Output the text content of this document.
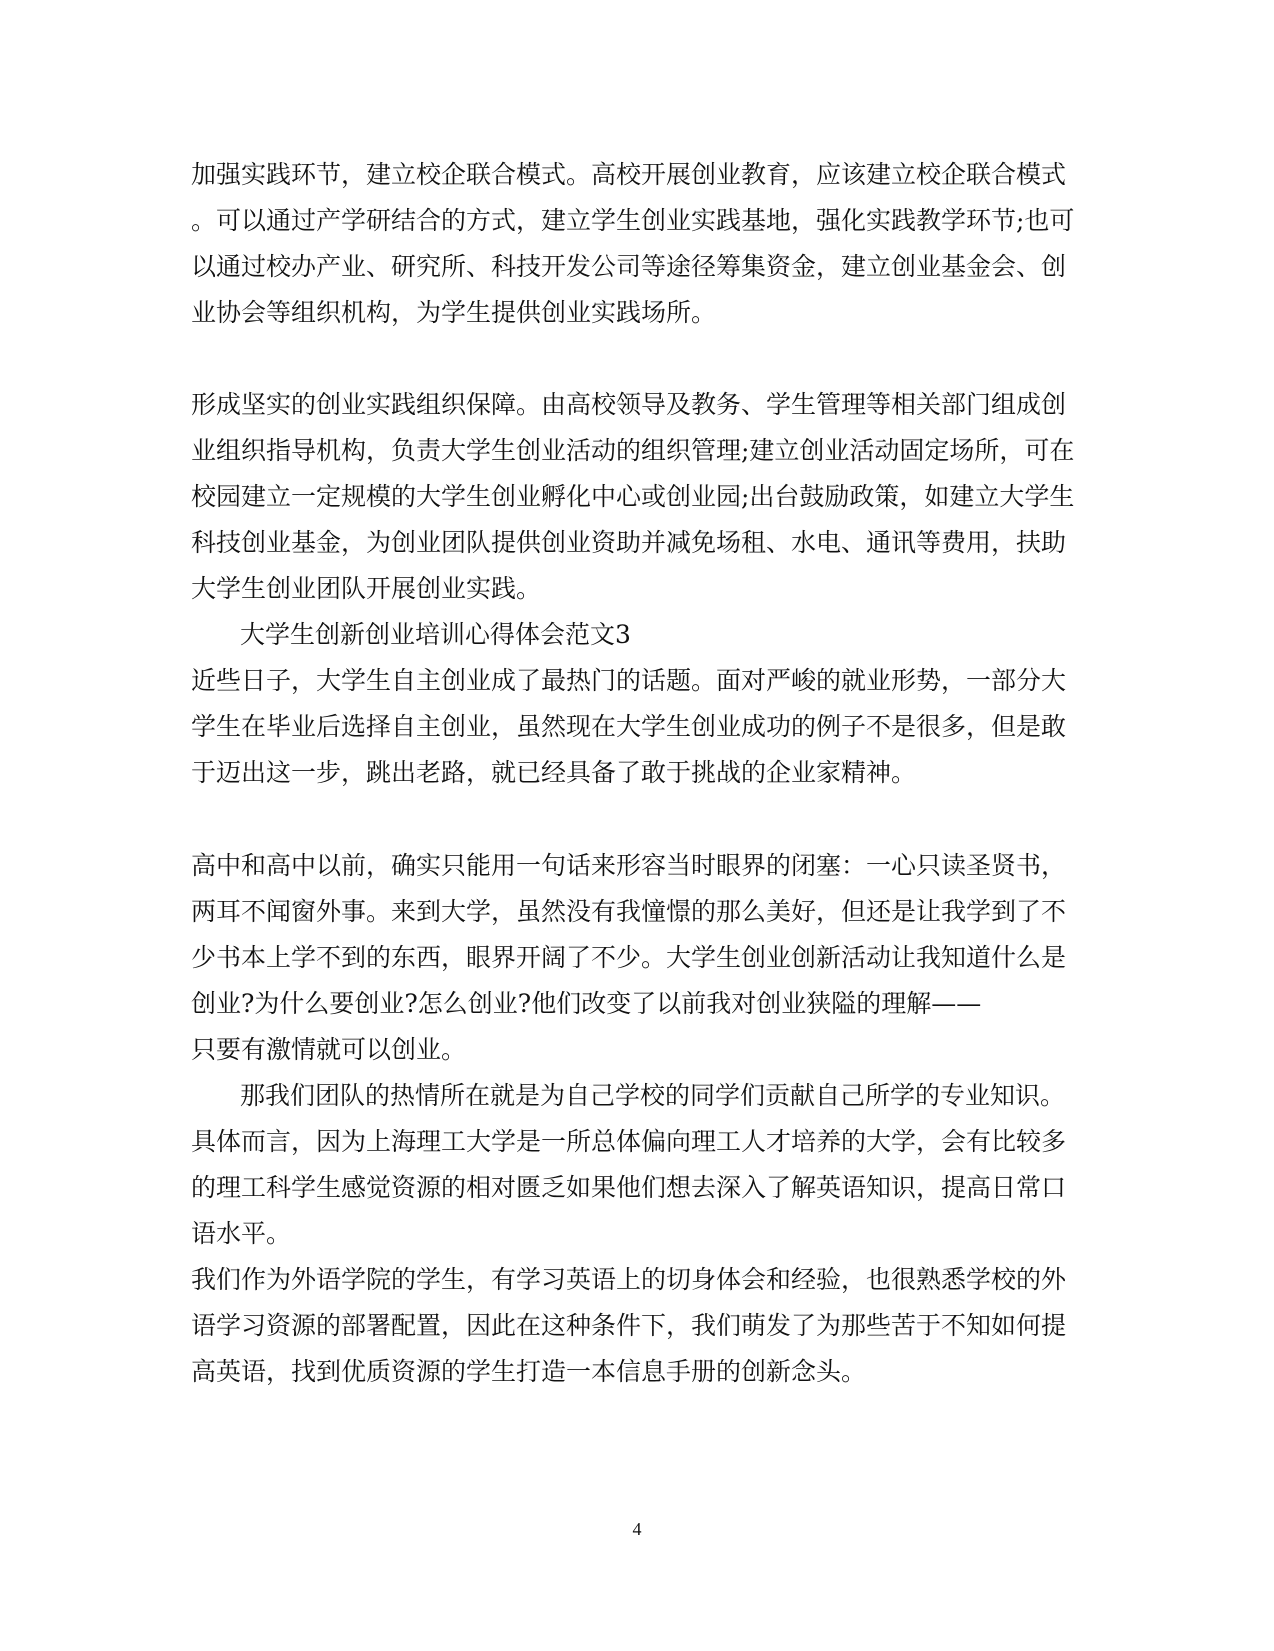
加强实践环节，建立校企联合模式。高校开展创业教育，应该建立校企联合模式
。可以通过产学研结合的方式，建立学生创业实践基地，强化实践教学环节;也可
以通过校办产业、研究所、科技开发公司等途径筹集资金，建立创业基金会、创
业协会等组织机构，为学生提供创业实践场所。
形成坚实的创业实践组织保障。由高校领导及教务、学生管理等相关部门组成创
业组织指导机构，负责大学生创业活动的组织管理;建立创业活动固定场所，可在
校园建立一定规模的大学生创业孵化中心或创业园;出台鼓励政策，如建立大学生
科技创业基金，为创业团队提供创业资助并减免场租、水电、通讯等费用，扶助
大学生创业团队开展创业实践。
大学生创新创业培训心得体会范文3
近些日子，大学生自主创业成了最热门的话题。面对严峻的就业形势，一部分大
学生在毕业后选择自主创业，虽然现在大学生创业成功的例子不是很多，但是敢
于迈出这一步，跳出老路，就已经具备了敢于挑战的企业家精神。
高中和高中以前，确实只能用一句话来形容当时眼界的闭塞：一心只读圣贤书，
两耳不闻窗外事。来到大学，虽然没有我憧憬的那么美好，但还是让我学到了不
少书本上学不到的东西，眼界开阔了不少。大学生创业创新活动让我知道什么是
创业?为什么要创业?怎么创业?他们改变了以前我对创业狭隘的理解——
只要有激情就可以创业。
那我们团队的热情所在就是为自己学校的同学们贡献自己所学的专业知识。
具体而言，因为上海理工大学是一所总体偏向理工人才培养的大学，会有比较多
的理工科学生感觉资源的相对匮乏如果他们想去深入了解英语知识，提高日常口
语水平。
我们作为外语学院的学生，有学习英语上的切身体会和经验，也很熟悉学校的外
语学习资源的部署配置，因此在这种条件下，我们萌发了为那些苦于不知如何提
高英语，找到优质资源的学生打造一本信息手册的创新念头。
4
